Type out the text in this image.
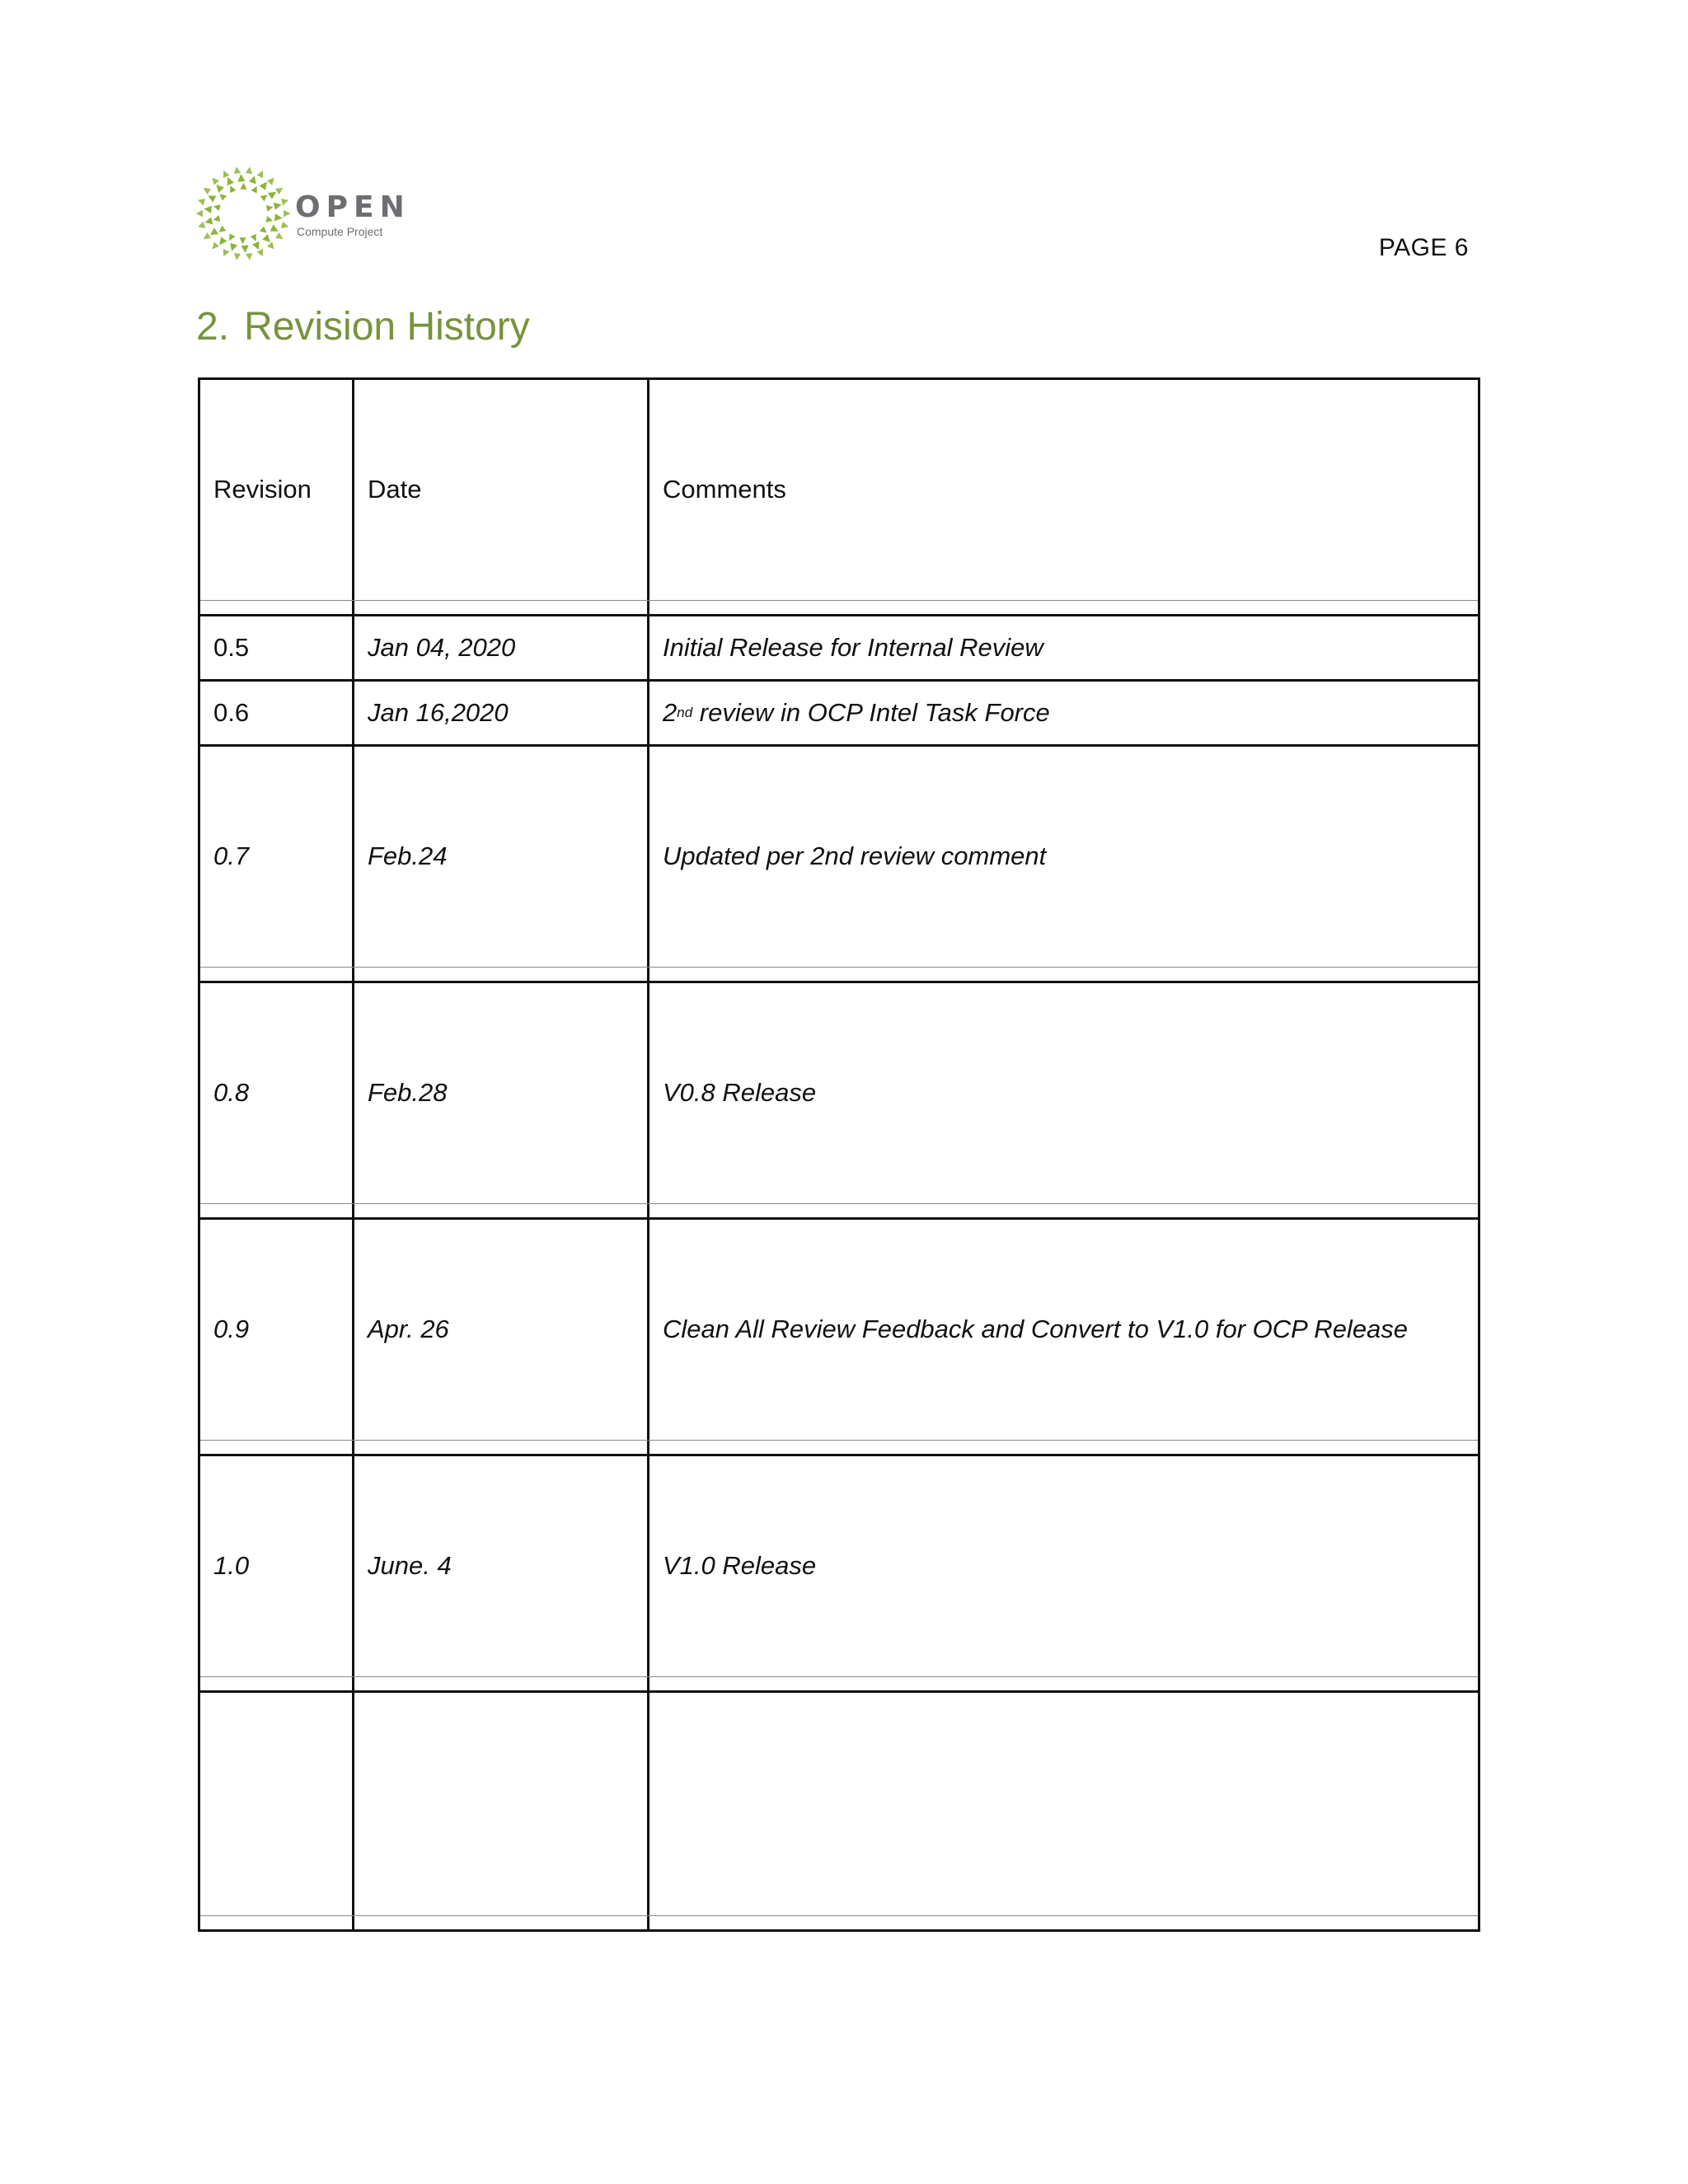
OPEN
Compute Project
PAGE 6
2. Revision History
Revision	Date	Comments
0.5	Jan 04, 2020	Initial Release for Internal Review
0.6	Jan 16,2020	2 nd review in OCP Intel Task Force
0.7	Feb.24	Updated per 2nd review comment
0.8	Feb.28	V0.8 Release
0.9	Apr. 26	Clean All Review Feedback and Convert to V1.0 for OCP Release
1.0	June. 4	V1.0 Release
